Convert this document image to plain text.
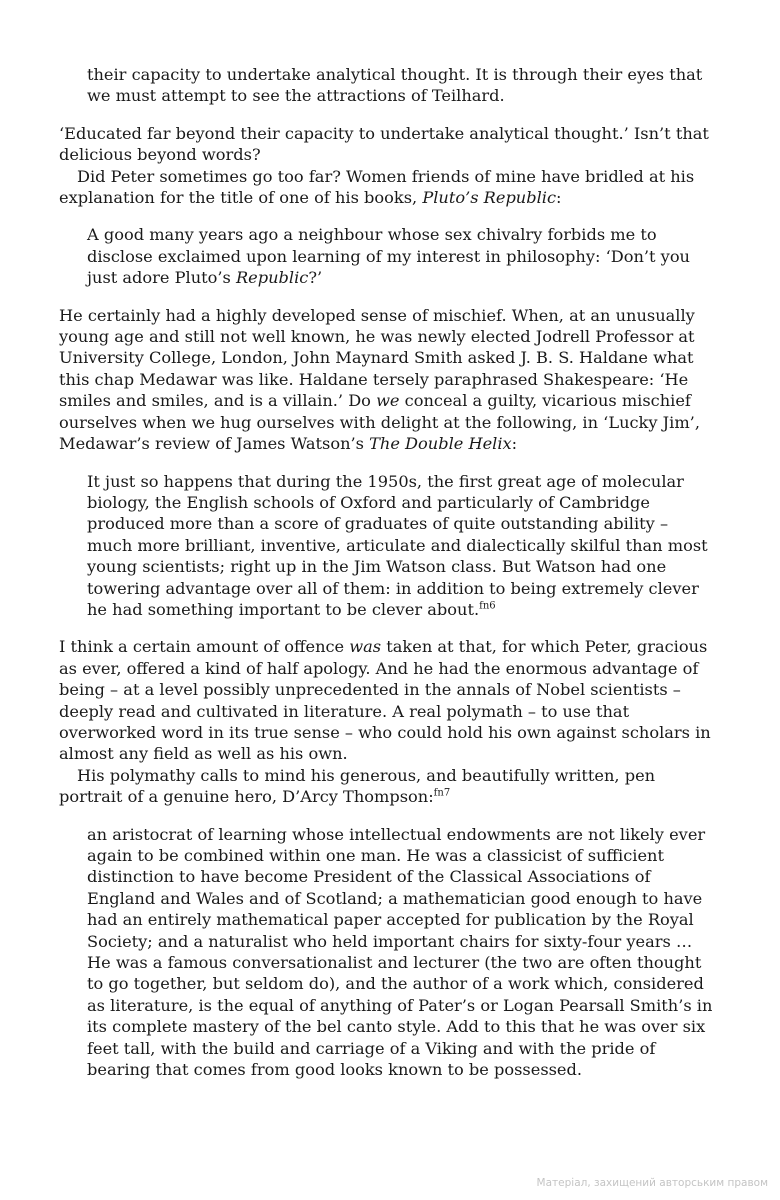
their capacity to undertake analytical thought. It is through their eyes that we must attempt to see the attractions of Teilhard.

‘Educated far beyond their capacity to undertake analytical thought.’ Isn’t that delicious beyond words?

Did Peter sometimes go too far? Women friends of mine have bridled at his explanation for the title of one of his books, Pluto’s Republic:

A good many years ago a neighbour whose sex chivalry forbids me to disclose exclaimed upon learning of my interest in philosophy: ‘Don’t you just adore Pluto’s Republic?’

He certainly had a highly developed sense of mischief. When, at an unusually young age and still not well known, he was newly elected Jodrell Professor at University College, London, John Maynard Smith asked J. B. S. Haldane what this chap Medawar was like. Haldane tersely paraphrased Shakespeare: ‘He smiles and smiles, and is a villain.’ Do we conceal a guilty, vicarious mischief ourselves when we hug ourselves with delight at the following, in ‘Lucky Jim’, Medawar’s review of James Watson’s The Double Helix:

It just so happens that during the 1950s, the first great age of molecular biology, the English schools of Oxford and particularly of Cambridge produced more than a score of graduates of quite outstanding ability – much more brilliant, inventive, articulate and dialectically skilful than most young scientists; right up in the Jim Watson class. But Watson had one towering advantage over all of them: in addition to being extremely clever he had something important to be clever about.$^{fn6}$

I think a certain amount of offence was taken at that, for which Peter, gracious as ever, offered a kind of half apology. And he had the enormous advantage of being – at a level possibly unprecedented in the annals of Nobel scientists – deeply read and cultivated in literature. A real polymath – to use that overworked word in its true sense – who could hold his own against scholars in almost any field as well as his own.

His polymathy calls to mind his generous, and beautifully written, pen portrait of a genuine hero, D’Arcy Thompson:$^{fn7}$

an aristocrat of learning whose intellectual endowments are not likely ever again to be combined within one man. He was a classicist of sufficient distinction to have become President of the Classical Associations of England and Wales and of Scotland; a mathematician good enough to have had an entirely mathematical paper accepted for publication by the Royal Society; and a naturalist who held important chairs for sixty-four years … He was a famous conversationalist and lecturer (the two are often thought to go together, but seldom do), and the author of a work which, considered as literature, is the equal of anything of Pater’s or Logan Pearsall Smith’s in its complete mastery of the bel canto style. Add to this that he was over six feet tall, with the build and carriage of a Viking and with the pride of bearing that comes from good looks known to be possessed.

Матеріал, захищений авторським правом
